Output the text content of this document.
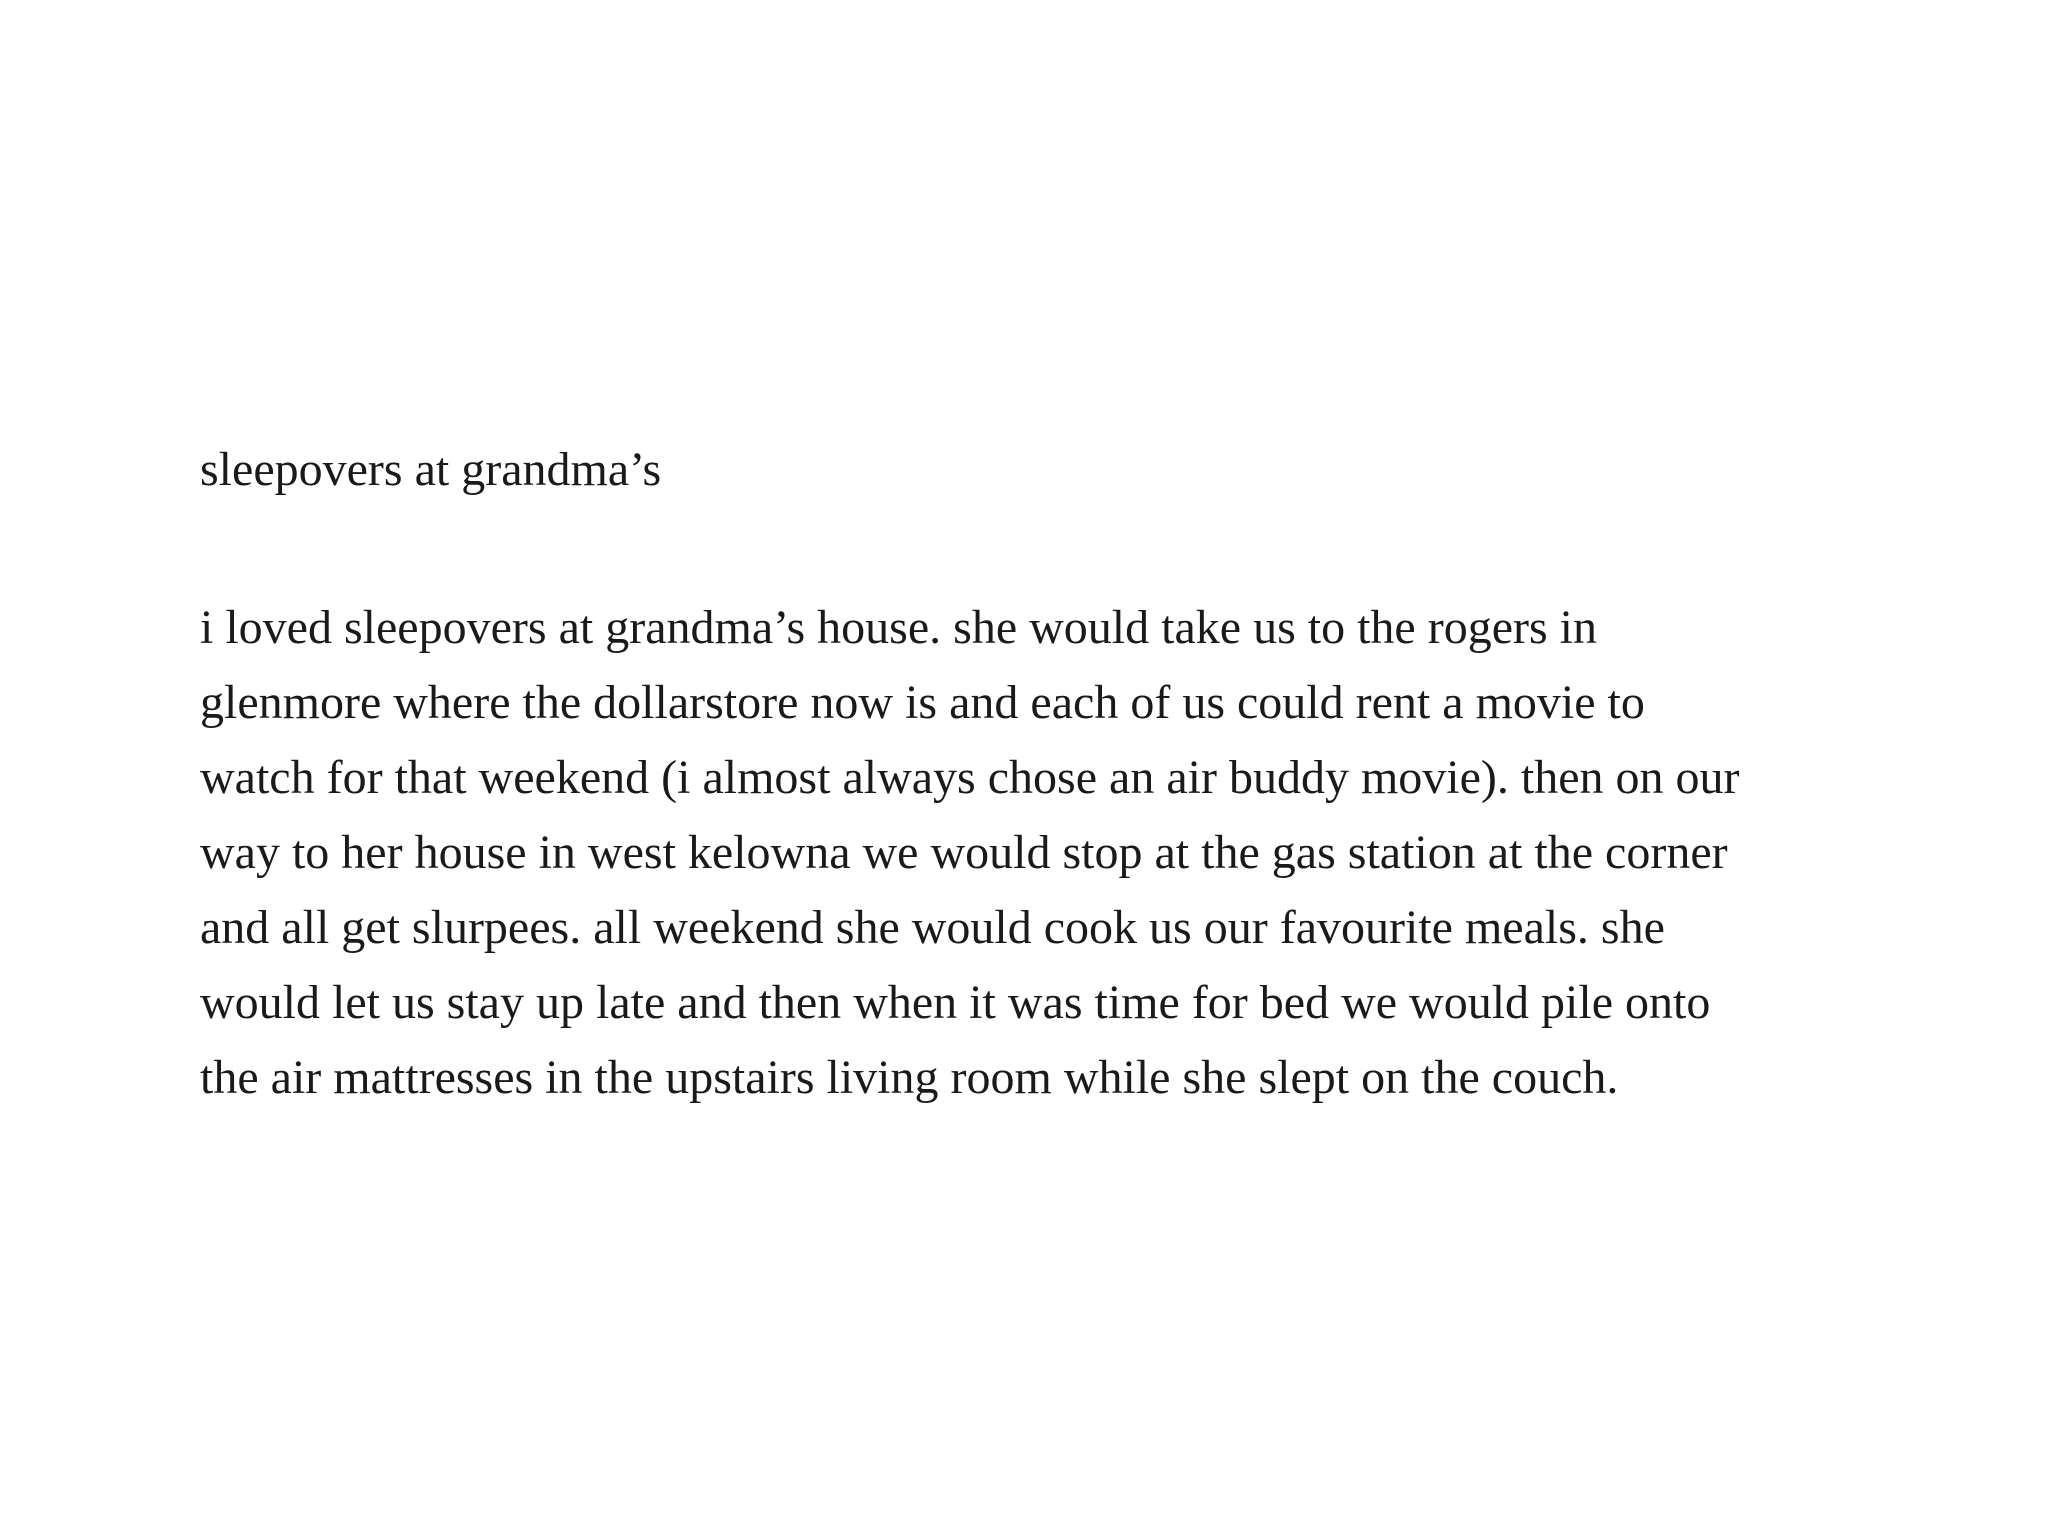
sleepovers at grandma’s
i loved sleepovers at grandma’s house. she would take us to the rogers in
glenmore where the dollarstore now is and each of us could rent a movie to
watch for that weekend (i almost always chose an air buddy movie). then on our
way to her house in west kelowna we would stop at the gas station at the corner
and all get slurpees. all weekend she would cook us our favourite meals. she
would let us stay up late and then when it was time for bed we would pile onto
the air mattresses in the upstairs living room while she slept on the couch.
